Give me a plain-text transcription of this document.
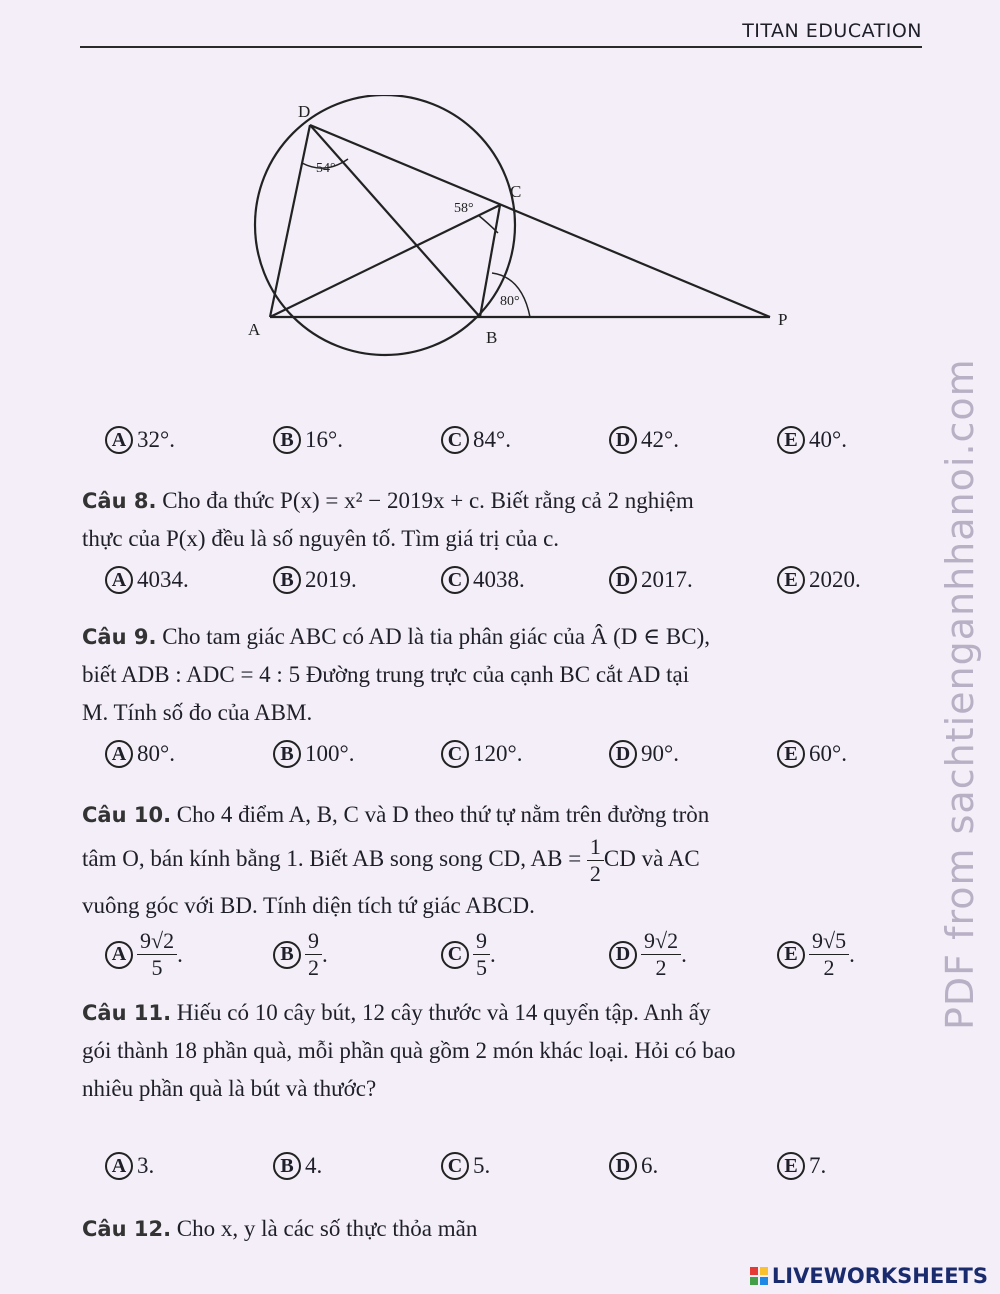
TITAN EDUCATION
D
C
A	B
P
54°
58°
80°
A 32°.	B 16°.	C 84°.	D 42°.	E 40°.

Câu 8. Cho đa thức P(x) = x² − 2019x + c. Biết rằng cả 2 nghiệm

thực của P(x) đều là số nguyên tố. Tìm giá trị của c.

A 4034.	B 2019.	C 4038.	D 2017.	E 2020.

Câu 9. Cho tam giác ABC có AD là tia phân giác của Â (D ∈ BC),

biết ADB : ADC = 4 : 5 Đường trung trực của cạnh BC cắt AD tại

M. Tính số đo của ABM.

A 80°.	B 100°.	C 120°.	D 90°.	E 60°.

Câu 10. Cho 4 điểm A, B, C và D theo thứ tự nằm trên đường tròn

tâm O, bán kính bằng 1. Biết AB song song CD, AB = $\frac{1}{2}$ CD và AC

vuông góc với BD. Tính diện tích tứ giác ABCD.

A $\frac{9√2}{5}$ .	B $\frac{9}{2}$ .	C $\frac{9}{5}$ .	D $\frac{9√2}{2}$ .	E $\frac{9√5}{2}$ .

Câu 11. Hiếu có 10 cây bút, 12 cây thước và 14 quyển tập. Anh ấy

gói thành 18 phần quà, mỗi phần quà gồm 2 món khác loại. Hỏi có bao

nhiêu phần quà là bút và thước?

A 3.	B 4.	C 5.	D 6.	E 7.

Câu 12. Cho x, y là các số thực thỏa mãn

PDF from sachtienganhhanoi.com
LIVEWORKSHEETS
